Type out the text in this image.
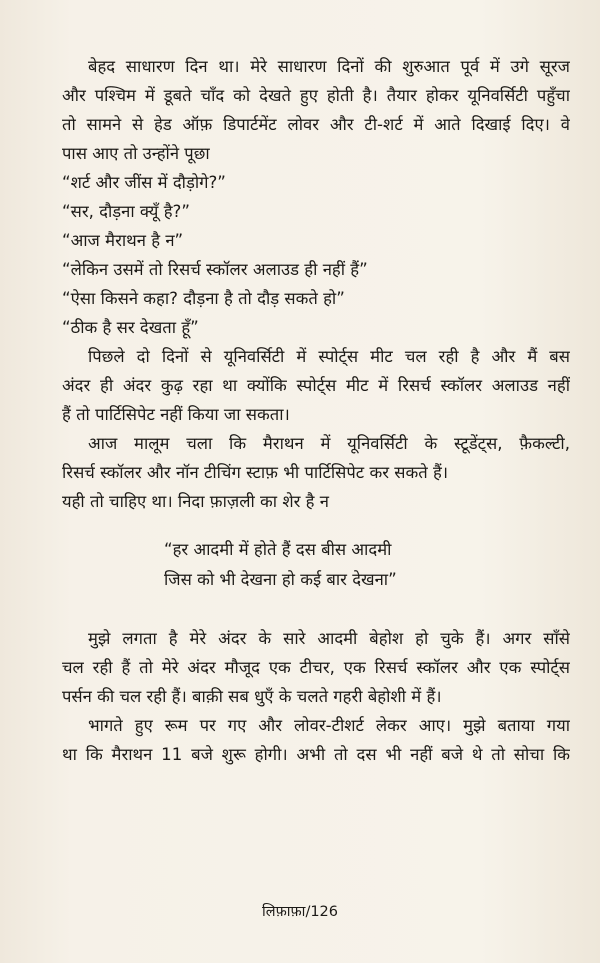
बेहद साधारण दिन था। मेरे साधारण दिनों की शुरुआत पूर्व में उगे सूरज
और पश्चिम में डूबते चाँद को देखते हुए होती है। तैयार होकर यूनिवर्सिटी पहुँचा
तो सामने से हेड ऑफ़ डिपार्टमेंट लोवर और टी-शर्ट में आते दिखाई दिए। वे
पास आए तो उन्होंने पूछा
“शर्ट और जींस में दौड़ोगे?”
“सर, दौड़ना क्यूँ है?”
“आज मैराथन है न”
“लेकिन उसमें तो रिसर्च स्कॉलर अलाउड ही नहीं हैं”
“ऐसा किसने कहा? दौड़ना है तो दौड़ सकते हो”
“ठीक है सर देखता हूँ”
पिछले दो दिनों से यूनिवर्सिटी में स्पोर्ट्स मीट चल रही है और मैं बस
अंदर ही अंदर कुढ़ रहा था क्योंकि स्पोर्ट्स मीट में रिसर्च स्कॉलर अलाउड नहीं
हैं तो पार्टिसिपेट नहीं किया जा सकता।
आज मालूम चला कि मैराथन में यूनिवर्सिटी के स्टूडेंट्स, फ़ैकल्टी,
रिसर्च स्कॉलर और नॉन टीचिंग स्टाफ़ भी पार्टिसिपेट कर सकते हैं।
यही तो चाहिए था। निदा फ़ाज़ली का शेर है न
“हर आदमी में होते हैं दस बीस आदमी
जिस को भी देखना हो कई बार देखना”
मुझे लगता है मेरे अंदर के सारे आदमी बेहोश हो चुके हैं। अगर साँसे
चल रही हैं तो मेरे अंदर मौजूद एक टीचर, एक रिसर्च स्कॉलर और एक स्पोर्ट्स
पर्सन की चल रही हैं। बाक़ी सब धुएँ के चलते गहरी बेहोशी में हैं।
भागते हुए रूम पर गए और लोवर-टीशर्ट लेकर आए। मुझे बताया गया
था कि मैराथन 11 बजे शुरू होगी। अभी तो दस भी नहीं बजे थे तो सोचा कि
लिफ़ाफ़ा/126
